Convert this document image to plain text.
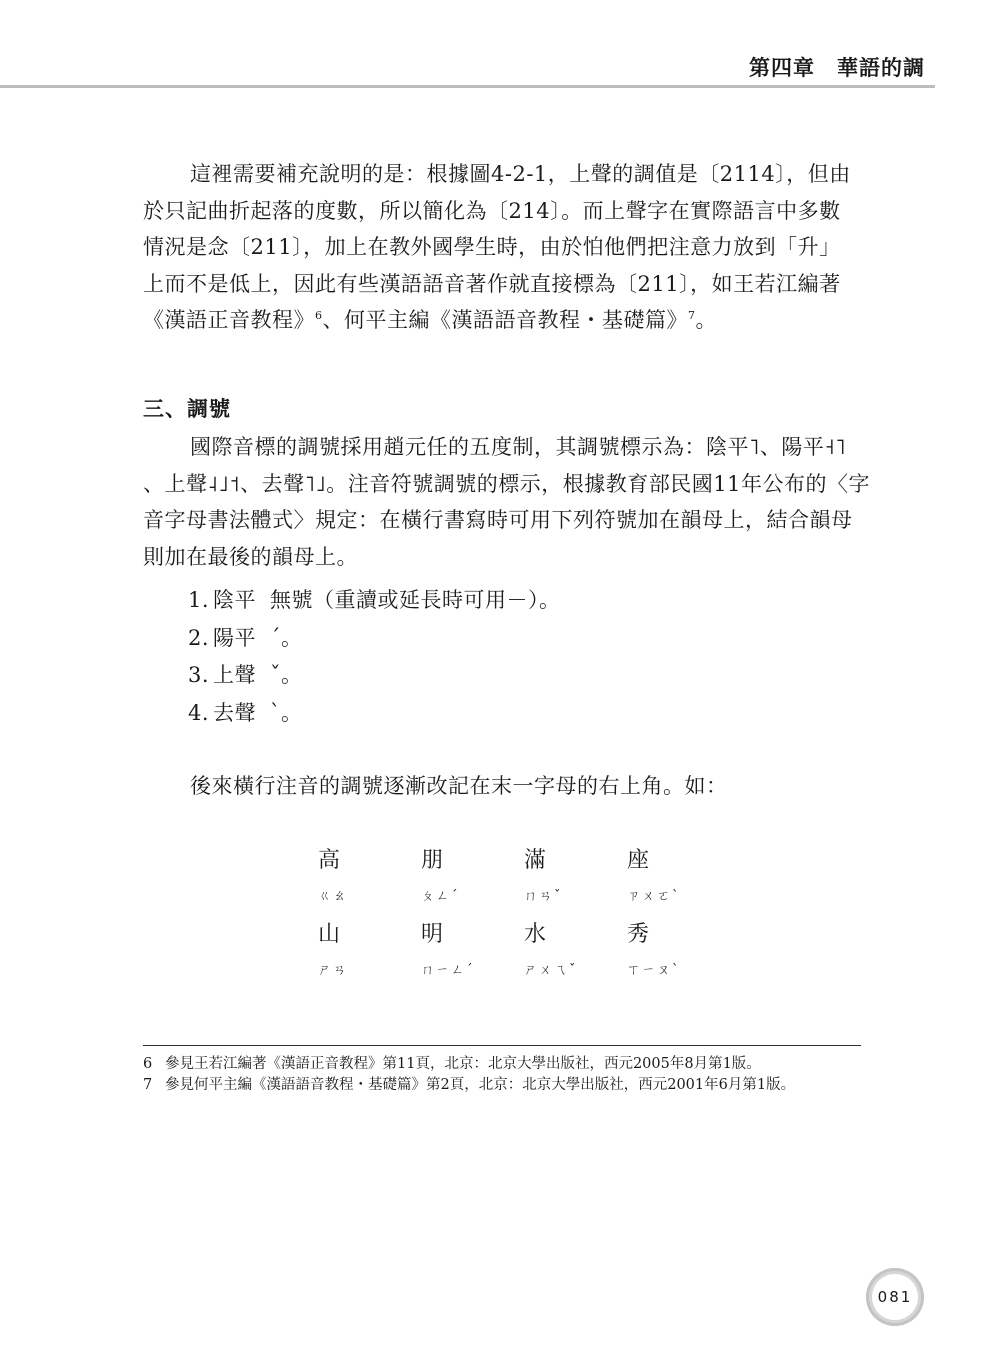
第四章　華語的調
這裡需要補充說明的是：根據圖4-2-1，上聲的調值是〔2114〕，但由
於只記曲折起落的度數，所以簡化為〔214〕。而上聲字在實際語言中多數
情況是念〔211〕，加上在教外國學生時，由於怕他們把注意力放到「升」
上而不是低上，因此有些漢語語音著作就直接標為〔211〕，如王若江編著
《漢語正音教程》$^6$、何平主編《漢語語音教程・基礎篇》$^7$。
三、調號
國際音標的調號採用趙元任的五度制，其調號標示為：陰平˥、陽平˧˥
、上聲˨˩˦、去聲˥˩。注音符號調號的標示，根據教育部民國11年公布的〈字
音字母書法體式〉規定：在橫行書寫時可用下列符號加在韻母上，結合韻母
則加在最後的韻母上。
1. 陰平 無號（重讀或延長時可用－）。
2. 陽平 ˊ。
3. 上聲 ˇ。
4. 去聲 ˋ。
後來橫行注音的調號逐漸改記在末一字母的右上角。如：
高	朋	滿	座
ㄍㄠ	ㄆㄥˊ	ㄇㄢˇ	ㄗㄨㄛˋ
山	明	水	秀
ㄕㄢ	ㄇㄧㄥˊ	ㄕㄨㄟˇ	ㄒㄧㄡˋ
6 參見王若江編著《漢語正音教程》第11頁，北京：北京大學出版社，西元2005年8月第1版。
7 參見何平主編《漢語語音教程・基礎篇》第2頁，北京：北京大學出版社，西元2001年6月第1版。
081
